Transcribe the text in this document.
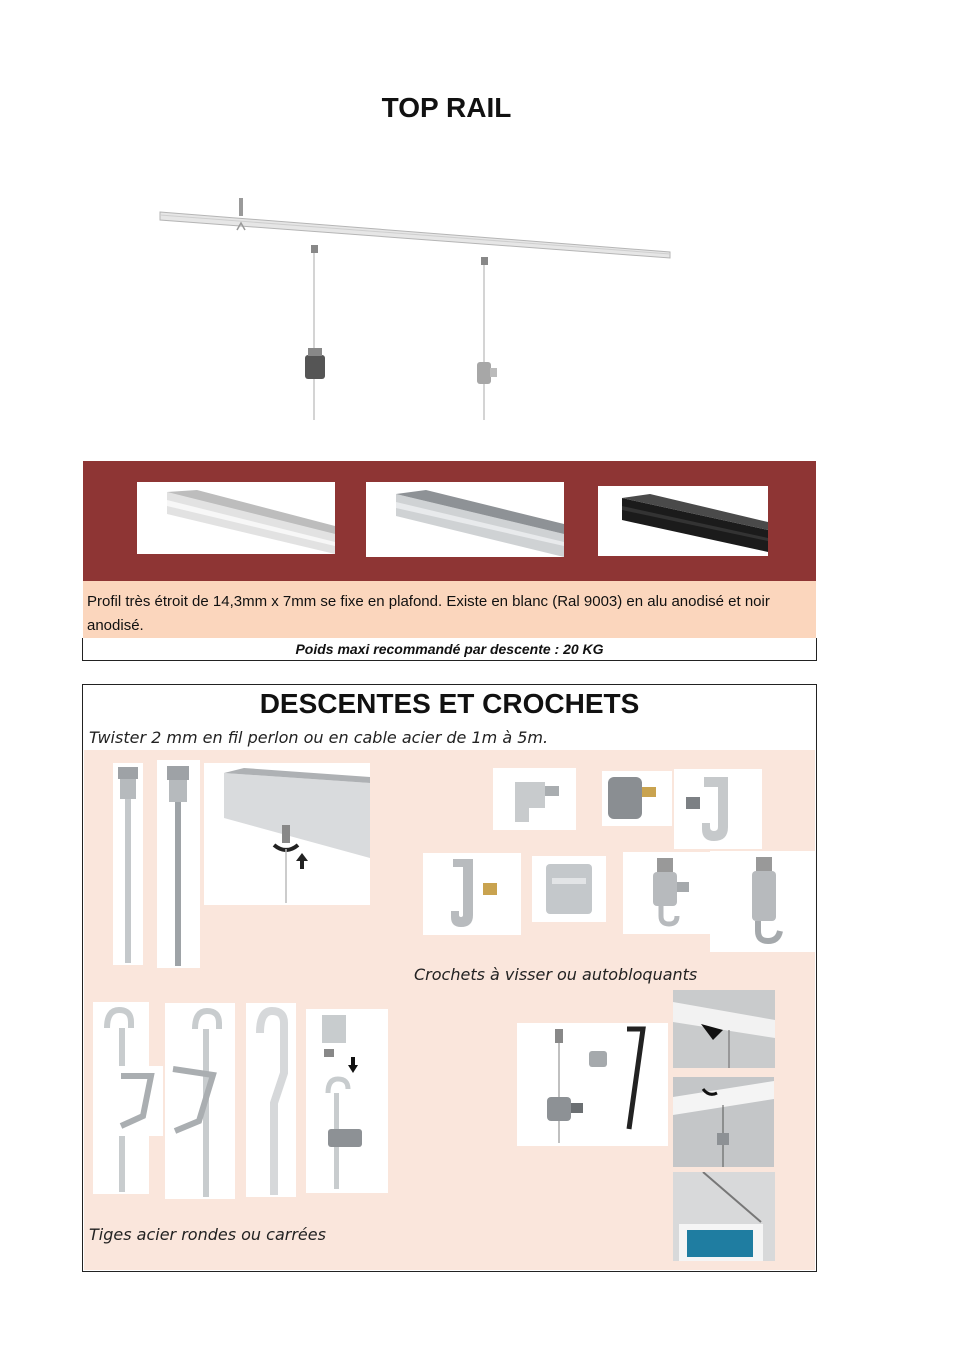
TOP RAIL
Profil très étroit de 14,3mm x 7mm se fixe en plafond. Existe en blanc (Ral 9003) en alu anodisé et noir anodisé.
Poids maxi recommandé par descente : 20 KG
DESCENTES ET CROCHETS
Twister 2 mm en fil perlon ou en cable acier de 1m à 5m.
Crochets à visser ou autobloquants
Tiges acier rondes ou carrées
